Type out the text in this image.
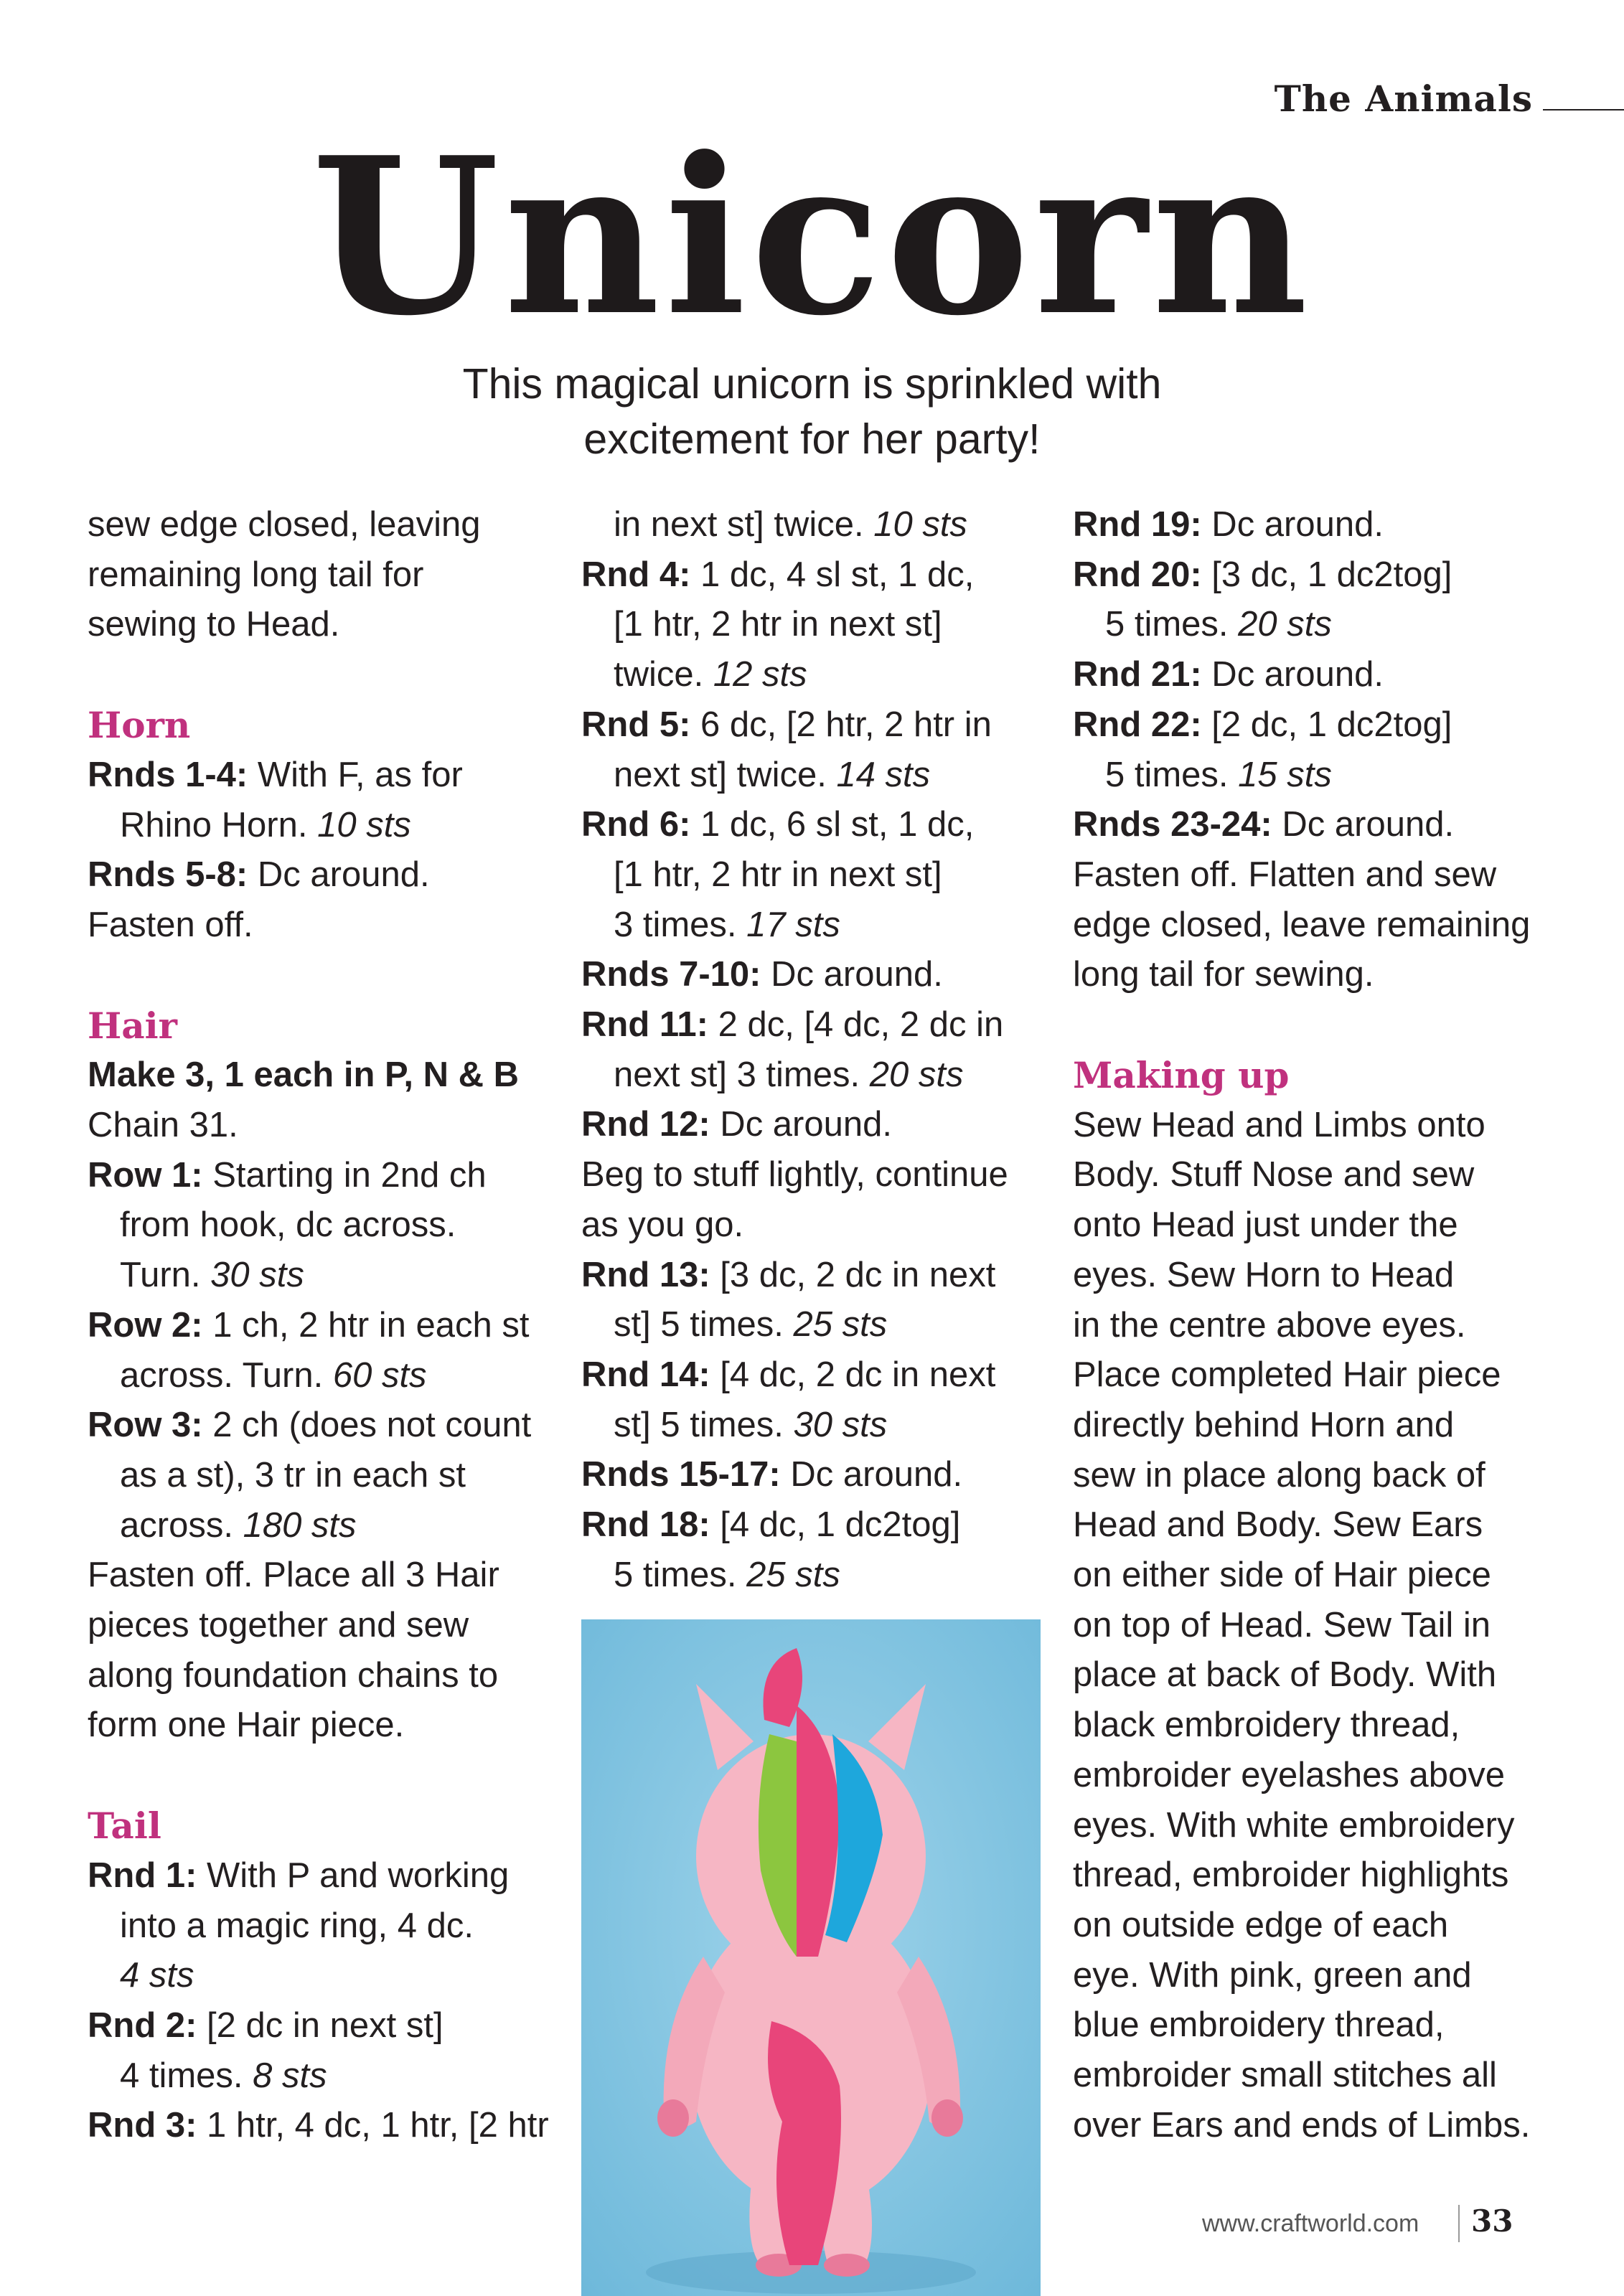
The Animals
Unicorn
This magical unicorn is sprinkled with
excitement for her party!
sew edge closed, leaving
remaining long tail for
sewing to Head.
Horn
Rnds 1-4: With F, as for
Rhino Horn. 10 sts
Rnds 5-8: Dc around.
Fasten off.
Hair
Make 3, 1 each in P, N & B
Chain 31.
Row 1: Starting in 2nd ch
from hook, dc across.
Turn. 30 sts
Row 2: 1 ch, 2 htr in each st
across. Turn. 60 sts
Row 3: 2 ch (does not count
as a st), 3 tr in each st
across. 180 sts
Fasten off. Place all 3 Hair
pieces together and sew
along foundation chains to
form one Hair piece.
Tail
Rnd 1: With P and working
into a magic ring, 4 dc.
4 sts
Rnd 2: [2 dc in next st]
4 times. 8 sts
Rnd 3: 1 htr, 4 dc, 1 htr, [2 htr
in next st] twice. 10 sts
Rnd 4: 1 dc, 4 sl st, 1 dc,
[1 htr, 2 htr in next st]
twice. 12 sts
Rnd 5: 6 dc, [2 htr, 2 htr in
next st] twice. 14 sts
Rnd 6: 1 dc, 6 sl st, 1 dc,
[1 htr, 2 htr in next st]
3 times. 17 sts
Rnds 7-10: Dc around.
Rnd 11: 2 dc, [4 dc, 2 dc in
next st] 3 times. 20 sts
Rnd 12: Dc around.
Beg to stuff lightly, continue
as you go.
Rnd 13: [3 dc, 2 dc in next
st] 5 times. 25 sts
Rnd 14: [4 dc, 2 dc in next
st] 5 times. 30 sts
Rnds 15-17: Dc around.
Rnd 18: [4 dc, 1 dc2tog]
5 times. 25 sts
Rnd 19: Dc around.
Rnd 20: [3 dc, 1 dc2tog]
5 times. 20 sts
Rnd 21: Dc around.
Rnd 22: [2 dc, 1 dc2tog]
5 times. 15 sts
Rnds 23-24: Dc around.
Fasten off. Flatten and sew
edge closed, leave remaining
long tail for sewing.
Making up
Sew Head and Limbs onto
Body. Stuff Nose and sew
onto Head just under the
eyes. Sew Horn to Head
in the centre above eyes.
Place completed Hair piece
directly behind Horn and
sew in place along back of
Head and Body. Sew Ears
on either side of Hair piece
on top of Head. Sew Tail in
place at back of Body. With
black embroidery thread,
embroider eyelashes above
eyes. With white embroidery
thread, embroider highlights
on outside edge of each
eye. With pink, green and
blue embroidery thread,
embroider small stitches all
over Ears and ends of Limbs.
www.craftworld.com 33
